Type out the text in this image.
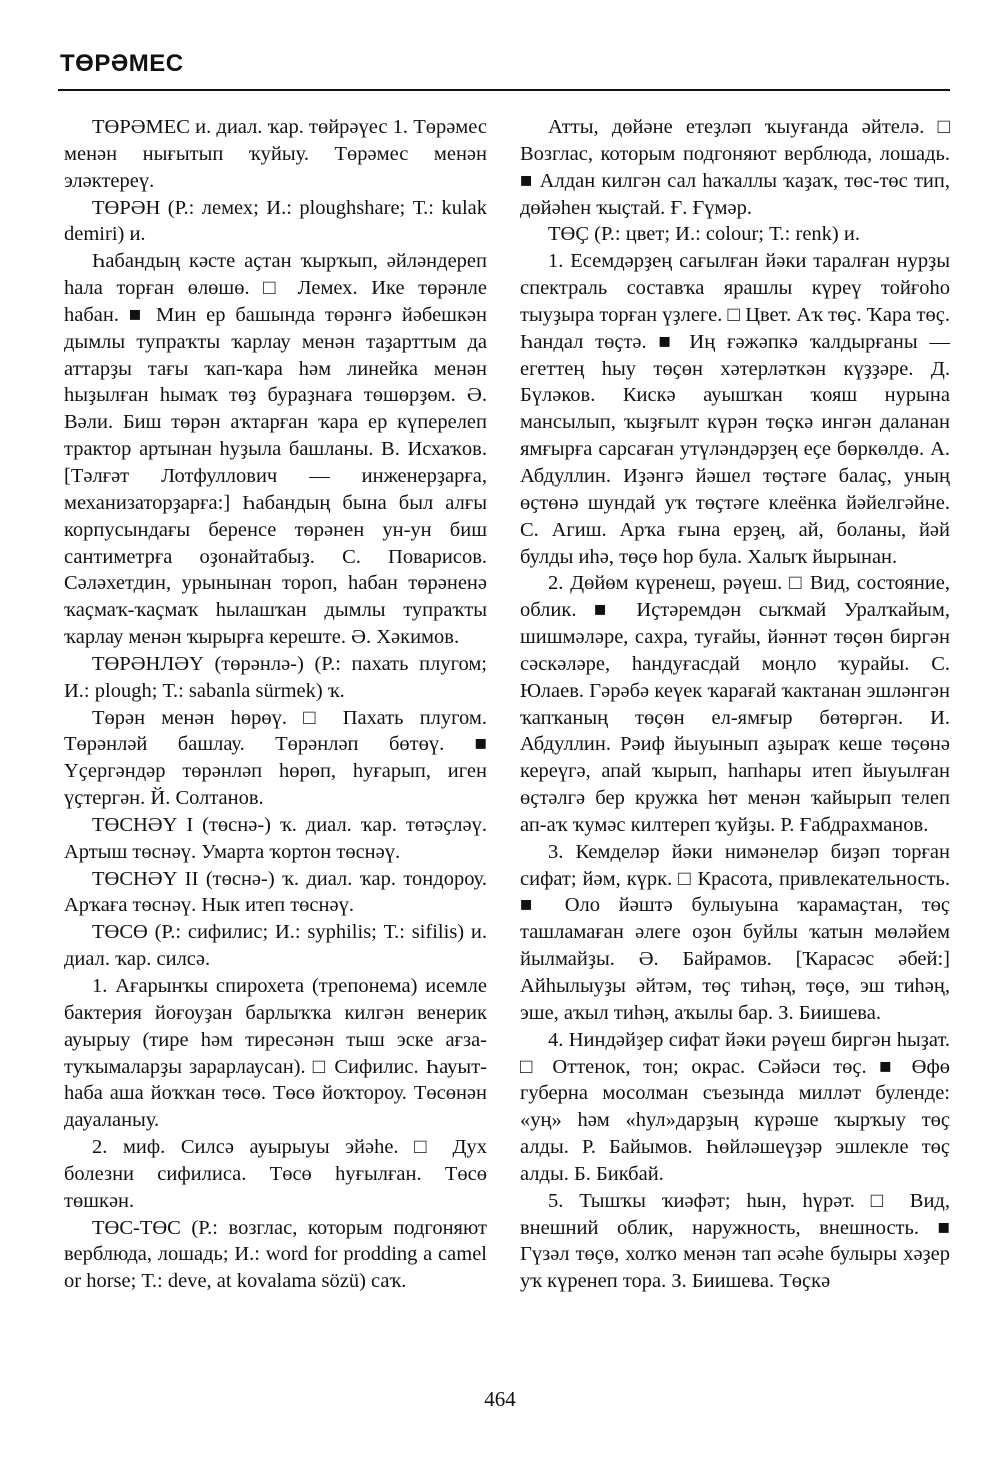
ТӨРӘМЕС

ТӨРӘМЕС и. диал. ҡар. төйрәүес 1. Төрәмес менән нығытып ҡуйыу. Төрәмес менән эләктереү.

ТӨРӘН (Р.: лемех; И.: ploughshare; Т.: kulak demiri) и.

Һабандың кәсте аҫтан ҡырҡып, әйләндереп һала торған өлөшө. □ Лемех. Ике төрәнле һабан. ■ Мин ер башында төрәнгә йәбешкән дымлы тупраҡты ҡарлау менән таҙарттым да аттарҙы тағы ҡап-ҡара һәм линейка менән һыҙылған һымаҡ төҙ бураҙнаға төшөрҙөм. Ә. Вәли. Биш төрән аҡтарған ҡара ер күперелеп трактор артынан һуҙыла башланы. В. Исхаҡов. [Тәлғәт Лотфуллович — инженерҙарға, механизаторҙарға:] Һабандың бына был алғы корпусындағы беренсе төрәнен ун-ун биш сантиметрға оҙонайтабыҙ. С. Поварисов. Сәләхетдин, урынынан тороп, һабан төрәненә ҡаҫмаҡ-ҡаҫмаҡ һылашҡан дымлы тупраҡты ҡарлау менән ҡырырға кереште. Ә. Хәкимов.

ТӨРӘНЛӘҮ (төрәнлә-) (Р.: пахать плугом; И.: plough; Т.: sabanla sürmek) ҡ.

Төрән менән һөрөү. □ Пахать плугом. Төрәнләй башлау. Төрәнләп бөтөү. ■ Үҫергәндәр төрәнләп һөрөп, һуғарып, иген үҫтергән. Й. Солтанов.

ТӨСНӘҮ I (төснә-) ҡ. диал. ҡар. төтәҫләү. Артыш төснәү. Умарта ҡортон төснәү.

ТӨСНӘҮ II (төснә-) ҡ. диал. ҡар. тондороу. Арҡаға төснәү. Нык итеп төснәү.

ТӨСӨ (Р.: сифилис; И.: syphilis; Т.: sifilis) и. диал. ҡар. силсә.

1. Ағарынҡы спирохета (трепонема) исемле бактерия йоғоуҙан барлыҡҡа килгән венерик ауырыу (тире һәм тиресәнән тыш эске ағза-туҡымаларҙы зарарлаусан). □ Сифилис. Һауыт-һаба аша йоҡҡан төсө. Төсө йоҡтороу. Төсөнән дауаланыу.

2. миф. Силсә ауырыуы эйәһе. □ Дух болезни сифилиса. Төсө һуғылған. Төсө төшкән.

ТӨС-ТӨС (Р.: возглас, которым подгоняют верблюда, лошадь; И.: word for prodding a camel or horse; Т.: deve, at kovalama sözü) саҡ.

Атты, дөйәне етеҙләп ҡыуғанда әйтелә. □ Возглас, которым подгоняют верблюда, лошадь. ■ Алдан килгән сал һаҡаллы ҡаҙаҡ, төс-төс тип, дөйәһен ҡыҫтай. Ғ. Ғүмәр.

ТӨҪ (Р.: цвет; И.: colour; Т.: renk) и.

1. Есемдәрҙең сағылған йәки таралған нурҙы спектраль составҡа ярашлы күреү тойғоһо тыуҙыра торған үҙлеге. □ Цвет. Аҡ төҫ. Ҡара төҫ. Һандал төҫтә. ■ Иң ғәжәпкә ҡалдырғаны — егеттең һыу төҫөн хәтерләткән күҙҙәре. Д. Бүләков. Кискә ауышҡан ҡояш нурына мансылып, ҡыҙғылт күрән төҫкә ингән даланан ямғырға сарсаған утүләндәрҙең еҫе бөркөлдө. А. Абдуллин. Иҙәнгә йәшел төҫтәге балаҫ, уның өҫтөнә шундай уҡ төҫтәге клеёнка йәйелгәйне. С. Агиш. Арҡа ғына ерҙең, ай, боланы, йәй булды иһә, төҫө һор була. Халыҡ йырынан.

2. Дөйөм күренеш, рәүеш. □ Вид, состояние, облик. ■ Иҫтәремдән сыҡмай Уралҡайым, шишмәләре, сахра, туғайы, йәннәт төҫөн биргән сәскәләре, һандуғасдай моңло ҡурайы. С. Юлаев. Гәрәбә кеүек ҡарағай ҡактанан эшләнгән ҡапҡаның төҫөн ел-ямғыр бөтөргән. И. Абдуллин. Рәиф йыуынып аҙыраҡ кеше төҫөнә кереүгә, апай ҡырып, һапһары итеп йыуылған өҫтәлгә бер кружка һөт менән ҡайырып телеп ап-аҡ ҡумәс килтереп ҡуйҙы. Р. Ғабдрахманов.

3. Кемделәр йәки нимәнеләр биҙәп торған сифат; йәм, күрк. □ Красота, привлекательность. ■ Оло йәштә булыуына ҡарамаҫтан, төҫ ташламаған әлеге оҙон буйлы ҡатын мөләйем йылмайҙы. Ә. Байрамов. [Ҡарасәс әбей:] Айһылыуҙы әйтәм, төҫ тиһәң, төҫө, эш тиһәң, эше, аҡыл тиһәң, аҡылы бар. З. Биишева.

4. Ниндәйҙер сифат йәки рәүеш биргән һыҙат. □ Оттенок, тон; окрас. Сәйәси төҫ. ■ Өфө губерна мосолман съезында милләт буленде: «уң» һәм «һул»дарҙың күрәше ҡырҡыу төҫ алды. Р. Байымов. Һөйләшеүҙәр эшлекле төҫ алды. Б. Бикбай.

5. Тышҡы ҡиәфәт; һын, һүрәт. □ Вид, внешний облик, наружность, внешность. ■ Гүзәл төҫө, холҡо менән тап әсәһе булыры хәҙер уҡ күренеп тора. З. Биишева. Төҫкә

464
